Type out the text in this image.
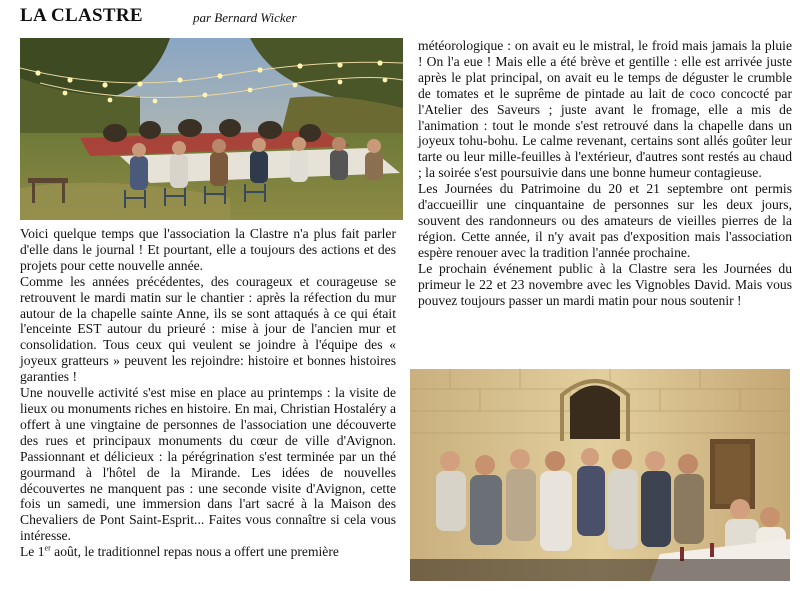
LA CLASTRE	par Bernard Wicker

Voici quelque temps que l'association la Clastre n'a plus fait parler d'elle dans le journal ! Et pourtant, elle a toujours des actions et des projets pour cette nouvelle année.

Comme les années précédentes, des courageux et courageuse se retrouvent le mardi matin sur le chantier : après la réfection du mur autour de la chapelle sainte Anne, ils se sont attaqués à ce qui était l'enceinte EST autour du prieuré : mise à jour de l'ancien mur et consolidation. Tous ceux qui veulent se joindre à l'équipe des « joyeux gratteurs » peuvent les rejoindre: histoire et bonnes histoires garanties !

Une nouvelle activité s'est mise en place au printemps : la visite de lieux ou monuments riches en histoire. En mai, Christian Hostaléry a offert à une vingtaine de personnes de l'association une découverte des rues et principaux monuments du cœur de ville d'Avignon. Passionnant et délicieux : la pérégrination s'est terminée par un thé gourmand à l'hôtel de la Mirande. Les idées de nouvelles découvertes ne manquent pas : une seconde visite d'Avignon, cette fois un samedi, une immersion dans l'art sacré à la Maison des Chevaliers de Pont Saint-Esprit... Faites vous connaître si cela vous intéresse.

Le 1er août, le traditionnel repas nous a offert une première

météorologique : on avait eu le mistral, le froid mais jamais la pluie ! On l'a eue ! Mais elle a été brève et gentille : elle est arrivée juste après le plat principal, on avait eu le temps de déguster le crumble de tomates et le suprême de pintade au lait de coco concocté par l'Atelier des Saveurs ; juste avant le fromage, elle a mis de l'animation : tout le monde s'est retrouvé dans la chapelle dans un joyeux tohu-bohu. Le calme revenant, certains sont allés goûter leur tarte ou leur mille-feuilles à l'extérieur, d'autres sont restés au chaud ; la soirée s'est poursuivie dans une bonne humeur contagieuse.

Les Journées du Patrimoine du 20 et 21 septembre ont permis d'accueillir une cinquantaine de personnes sur les deux jours, souvent des randonneurs ou des amateurs de vieilles pierres de la région. Cette année, il n'y avait pas d'exposition mais l'association espère renouer avec la tradition l'année prochaine.

Le prochain événement public à la Clastre sera les Journées du primeur le 22 et 23 novembre avec les Vignobles David. Mais vous pouvez toujours passer un mardi matin pour nous soutenir !
